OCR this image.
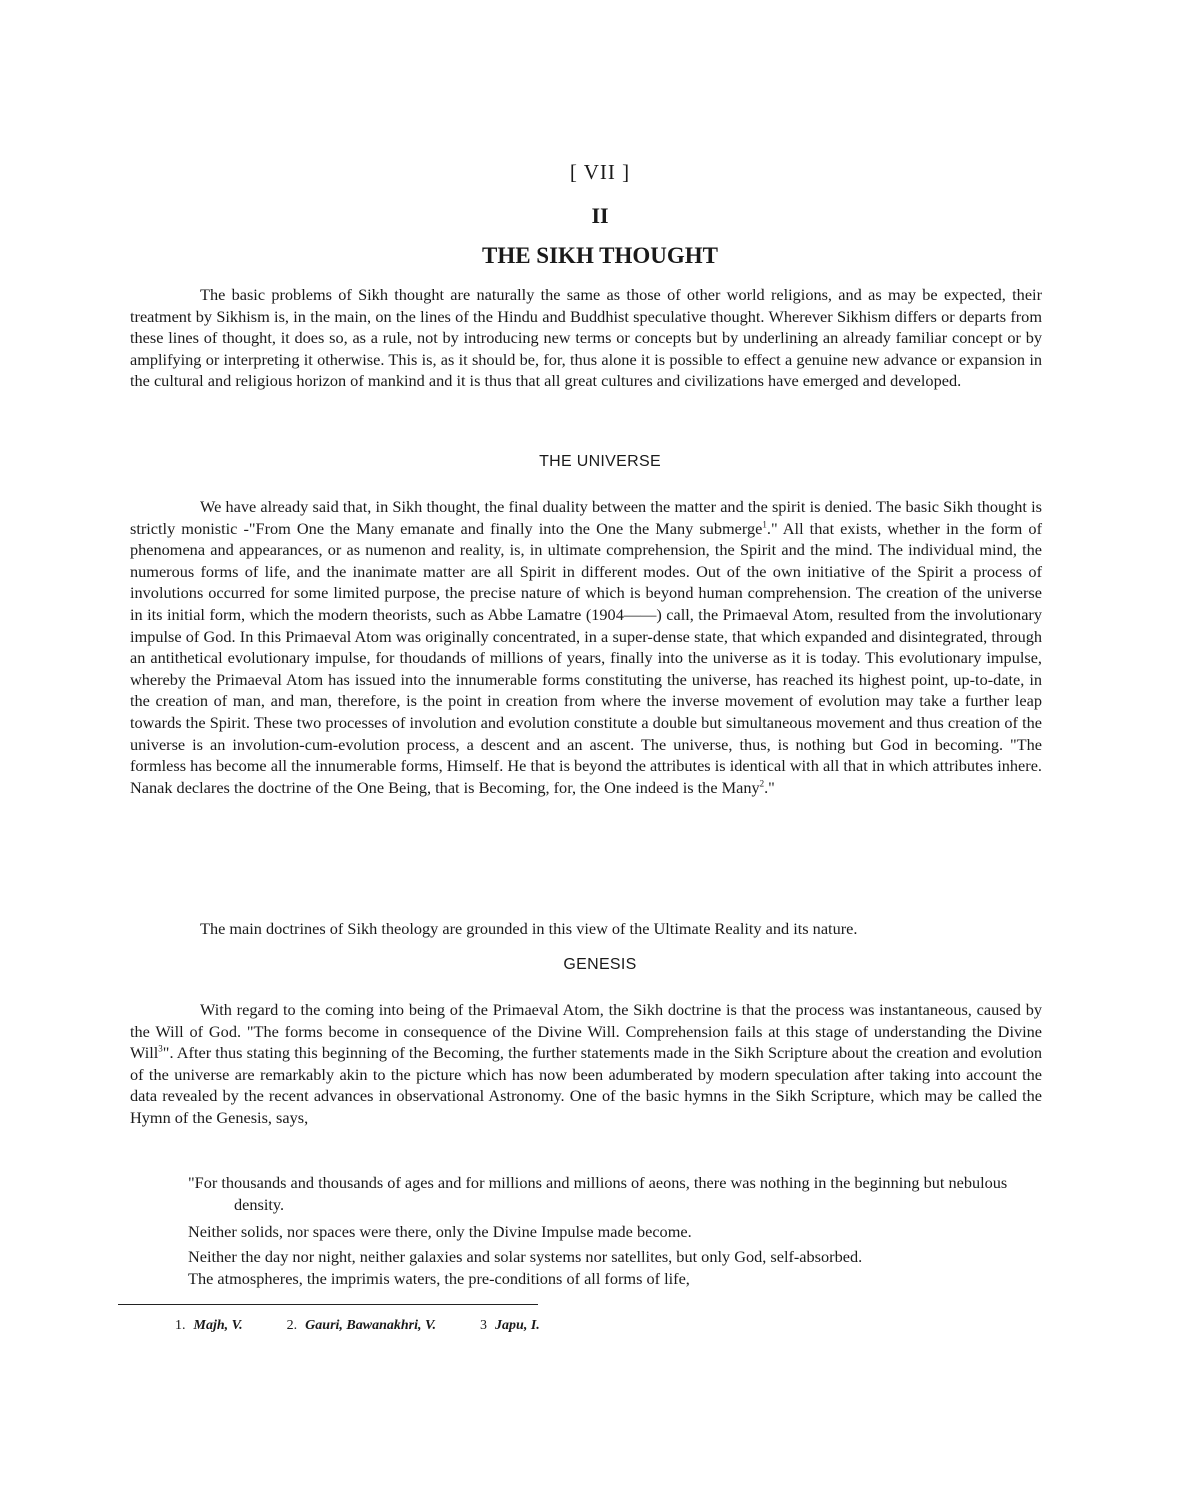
[ VII ]
II
THE SIKH THOUGHT

The basic problems of Sikh thought are naturally the same as those of other world religions, and as may be expected, their treatment by Sikhism is, in the main, on the lines of the Hindu and Buddhist speculative thought. Wherever Sikhism differs or departs from these lines of thought, it does so, as a rule, not by introducing new terms or concepts but by underlining an already familiar concept or by amplifying or interpreting it otherwise. This is, as it should be, for, thus alone it is possible to effect a genuine new advance or expansion in the cultural and religious horizon of mankind and it is thus that all great cultures and civilizations have emerged and developed.

THE UNIVERSE

We have already said that, in Sikh thought, the final duality between the matter and the spirit is denied. The basic Sikh thought is strictly monistic -"From One the Many emanate and finally into the One the Many submerge$^1$." All that exists, whether in the form of phenomena and appearances, or as numenon and reality, is, in ultimate comprehension, the Spirit and the mind. The individual mind, the numerous forms of life, and the inanimate matter are all Spirit in different modes. Out of the own initiative of the Spirit a process of involutions occurred for some limited purpose, the precise nature of which is beyond human comprehension. The creation of the universe in its initial form, which the modern theorists, such as Abbe Lamatre (1904——) call, the Primaeval Atom, resulted from the involutionary impulse of God. In this Primaeval Atom was originally concentrated, in a super-dense state, that which expanded and disintegrated, through an antithetical evolutionary impulse, for thoudands of millions of years, finally into the universe as it is today. This evolutionary impulse, whereby the Primaeval Atom has issued into the innumerable forms constituting the universe, has reached its highest point, up-to-date, in the creation of man, and man, therefore, is the point in creation from where the inverse movement of evolution may take a further leap towards the Spirit. These two processes of involution and evolution constitute a double but simultaneous movement and thus creation of the universe is an involution-cum-evolution process, a descent and an ascent. The universe, thus, is nothing but God in becoming. "The formless has become all the innumerable forms, Himself. He that is beyond the attributes is identical with all that in which attributes inhere. Nanak declares the doctrine of the One Being, that is Becoming, for, the One indeed is the Many$^2$."

The main doctrines of Sikh theology are grounded in this view of the Ultimate Reality and its nature.

GENESIS

With regard to the coming into being of the Primaeval Atom, the Sikh doctrine is that the process was instantaneous, caused by the Will of God. "The forms become in consequence of the Divine Will. Comprehension fails at this stage of understanding the Divine Will$^3$". After thus stating this beginning of the Becoming, the further statements made in the Sikh Scripture about the creation and evolution of the universe are remarkably akin to the picture which has now been adumberated by modern speculation after taking into account the data revealed by the recent advances in observational Astronomy. One of the basic hymns in the Sikh Scripture, which may be called the Hymn of the Genesis, says,

"For thousands and thousands of ages and for millions and millions of aeons, there was nothing in the beginning but nebulous density.

Neither solids, nor spaces were there, only the Divine Impulse made become.

Neither the day nor night, neither galaxies and solar systems nor satellites, but only God, self-absorbed.

The atmospheres, the imprimis waters, the pre-conditions of all forms of life,

1. Majh, V.	2. Gauri, Bawanakhri, V.	3 Japu, I.
